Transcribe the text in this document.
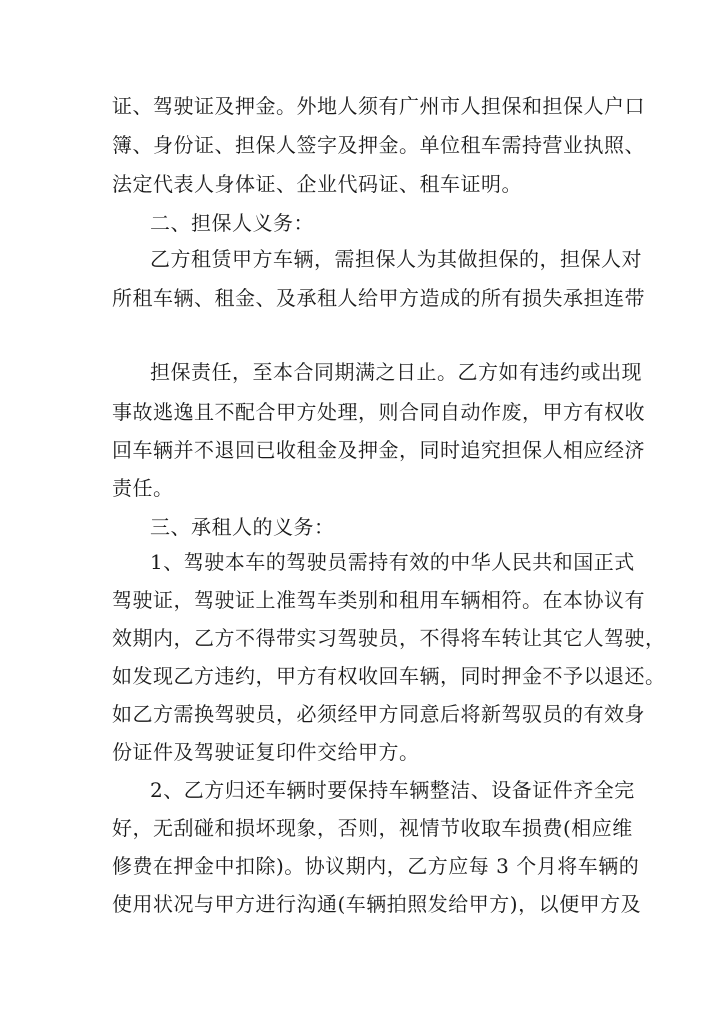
证、驾驶证及押金。外地人须有广州市人担保和担保人户口
簿、身份证、担保人签字及押金。单位租车需持营业执照、
法定代表人身体证、企业代码证、租车证明。
二、担保人义务：
乙方租赁甲方车辆，需担保人为其做担保的，担保人对
所租车辆、租金、及承租人给甲方造成的所有损失承担连带
担保责任，至本合同期满之日止。乙方如有违约或出现
事故逃逸且不配合甲方处理，则合同自动作废，甲方有权收
回车辆并不退回已收租金及押金，同时追究担保人相应经济
责任。
三、承租人的义务：
1、驾驶本车的驾驶员需持有效的中华人民共和国正式
驾驶证，驾驶证上准驾车类别和租用车辆相符。在本协议有
效期内，乙方不得带实习驾驶员，不得将车转让其它人驾驶，
如发现乙方违约，甲方有权收回车辆，同时押金不予以退还。
如乙方需换驾驶员，必须经甲方同意后将新驾驭员的有效身
份证件及驾驶证复印件交给甲方。
2、乙方归还车辆时要保持车辆整洁、设备证件齐全完
好，无刮碰和损坏现象，否则，视情节收取车损费(相应维
修费在押金中扣除)。协议期内，乙方应每 3 个月将车辆的
使用状况与甲方进行沟通(车辆拍照发给甲方)，以便甲方及
